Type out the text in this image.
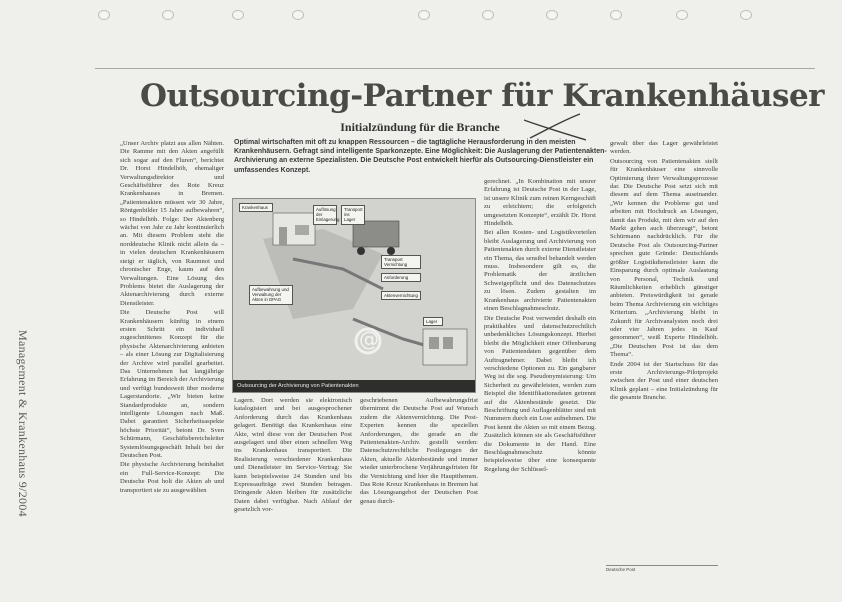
Management & Krankenhaus 9/2004
Outsourcing-Partner für Krankenhäuser
Initialzündung für die Branche
Optimal wirtschaften mit oft zu knappen Ressourcen – die tagtägliche Herausforderung in den meisten Krankenhäusern. Gefragt sind intelligente Sparkonzepte. Eine Möglichkeit: Die Auslagerung der Patientenakten-Archivierung an externe Spezialisten. Die Deutsche Post entwickelt hierfür als Outsourcing-Dienstleister ein umfassendes Konzept.

„Unser Archiv platzt aus allen Nähten. Die Ramme mit den Akten angefüllt sich sogar auf den Fluren“, berichtet Dr. Horst Hindelhöh, ehemaliger Verwaltungsdirektor und Geschäftsführer des Rote Kreuz Krankenhauses in Bremen. „Patientenakten müssen wir 30 Jahre, Röntgenbilder 15 Jahre aufbewahren“, so Hindelhöh. Folge: Der Aktenberg wächst von Jahr zu Jahr kontinuierlich an. Mit diesem Problem steht die norddeutsche Klinik nicht allein da – in vielen deutschen Krankenhäusern steigt er täglich, von Raumnot und chronischer Enge, kaum auf den Verwaltungen. Eine Lösung des Problems bietet die Auslagerung der Aktenarchivierung durch externe Dienstleister.

Die Deutsche Post will Krankenhäusern künftig in einem ersten Schritt ein individuell zugeschnittenes Konzept für die physische Aktenarchivierung anbieten – als einer Lösung zur Digitalisierung der Archive wird parallel gearbeitet. Das Unternehmen hat langjährige Erfahrung im Bereich der Archivierung und verfügt bundesweit über moderne Lagerstandorte. „Wir bieten keine Standardprodukte an, sondern intelligente Lösungen nach Maß. Dabei garantiert Sicherheitsaspekte höchste Priorität“, betont Dr. Sven Schürmann, Geschäftsbereichsleiter Systemlösungsgeschäft Inhalt bei der Deutschen Post.

Die physische Archivierung beinhaltet ein Full-Service-Konzept: Die Deutsche Post holt die Akten ab und transportiert sie zu ausgewählten

Krankenhaus	Auflösung der Einlagerung
Transport ins Lager
Aufbewahrung und Verwaltung der Akten in DPAG
Transport Vernichtung
Anforderung
Aktenvernichtung
Lager
@
Outsourcing der Archivierung von Patientenakten

Lagern. Dort werden sie elektronisch katalogisiert und bei ausgesprochener Anforderung durch das Krankenhaus gelagert. Benötigt das Krankenhaus eine Akte, wird diese von der Deutschen Post ausgelagert und über einen schnellen Weg ins Krankenhaus transportiert. Die Realisierung verschiedener Krankenhaus und Dienstleister im Service-Vertrag: Sie kann beispielsweise 24 Stunden und bis Expressaufträge zwei Stunden betragen. Dringende Akten bleiben für zusätzliche Daten dabei verfügbar. Nach Ablauf der gesetzlich vor-

geschriebenen Aufbewahrungsfrist übernimmt die Deutsche Post auf Wunsch zudem die Aktenvernichtung. Die Post-Experten kennen die speziellen Anforderungen, die gerade an die Patientenakten-Archiv. gestellt werden: Datenschutzrechtliche Festlegungen der Akten, aktuelle Aktenbestände und immer wieder unterbrochene Verjährungsfristen für die Vernichtung sind hier die Hauptthemen. Das Rote Kreuz Krankenhaus in Bremen hat das Lösungsangebot der Deutschen Post genau durch-

gerechnet. „In Kombination mit unsrer Erfahrung ist Deutsche Post in der Lage, ist unsere Klinik zum reinen Kerngeschäft zu erleichtern; die erfolgreich umgesetzten Konzepte“, erzählt Dr. Horst Hindelhöh.

Bei allen Kosten- und Logistikvorteilen bleibt Auslagerung und Archivierung von Patientenakten durch externe Dienstleister ein Thema, das sensibel behandelt werden muss. Insbesondere gilt es, die Problematik der ärztlichen Schweigepflicht und des Datenschutzes zu lösen. Zudem gestalten im Krankenhaus archivierte Patientenakten einen Beschlagnahmeschutz.

Die Deutsche Post verwendet deshalb ein praktikables und datenschutzrechtlich unbedenkliches Lösungskonzept. Hierbei bleibt die Möglichkeit einer Offenbarung von Patientendaten gegenüber dem Auftragnehmer. Dabei bleibt ich verschiedene Optionen zu. Ein gangbarer Weg ist die sog. Pseudonymisierung: Um Sicherheit zu gewährleisten, werden zum Beispiel die Identifikationsdaten getrennt auf die Aktenbestände gesetzt. Die Beschriftung und Auflagenblätter sind mit Nummern durch ein Lose aufnehmen. Die Post kennt die Akten so mit einem Bezug. Zusätzlich können sie als Geschäftsführer die Dokumente in der Hand. Eine Beschlagnahmeschutz könnte beispielsweise über eine konsequente Regelung der Schlüssel-

gewalt über das Lager gewährleistet werden.

Outsourcing von Patientenakten stellt für Krankenhäuser eine sinnvolle Optimierung ihrer Verwaltungsprozesse dar. Die Deutsche Post setzt sich mit diesem auf dem Thema auseinander. „Wir kennen die Probleme gut und arbeiten mit Hochdruck an Lösungen, damit das Produkt, mit dem wir auf den Markt gehen auch überzeugt“, betont Schürmann nachdrücklich. Für die Deutsche Post als Outsourcing-Partner sprechen gute Gründe: Deutschlands größter Logistikdienstleister kann die Einsparung durch optimale Auslastung von Personal, Technik und Räumlichkeiten erheblich günstiger anbieten. Preiswürdigkeit ist gerade beim Thema Archivierung ein wichtiges Kriterium. „Archivierung bleibt in Zukunft für Archivanalysten noch drei oder vier Jahren jedes in Kauf genommen“, weiß Experte Hindelhöh. „Die Deutschen Post ist das dem Thema“.

Ende 2004 ist der Startschuss für das erste Archivierungs-Pilotprojekt zwischen der Post und einer deutschen Klinik geplant – eine Initialzündung für die gesamte Branche.

Deutsche Post
